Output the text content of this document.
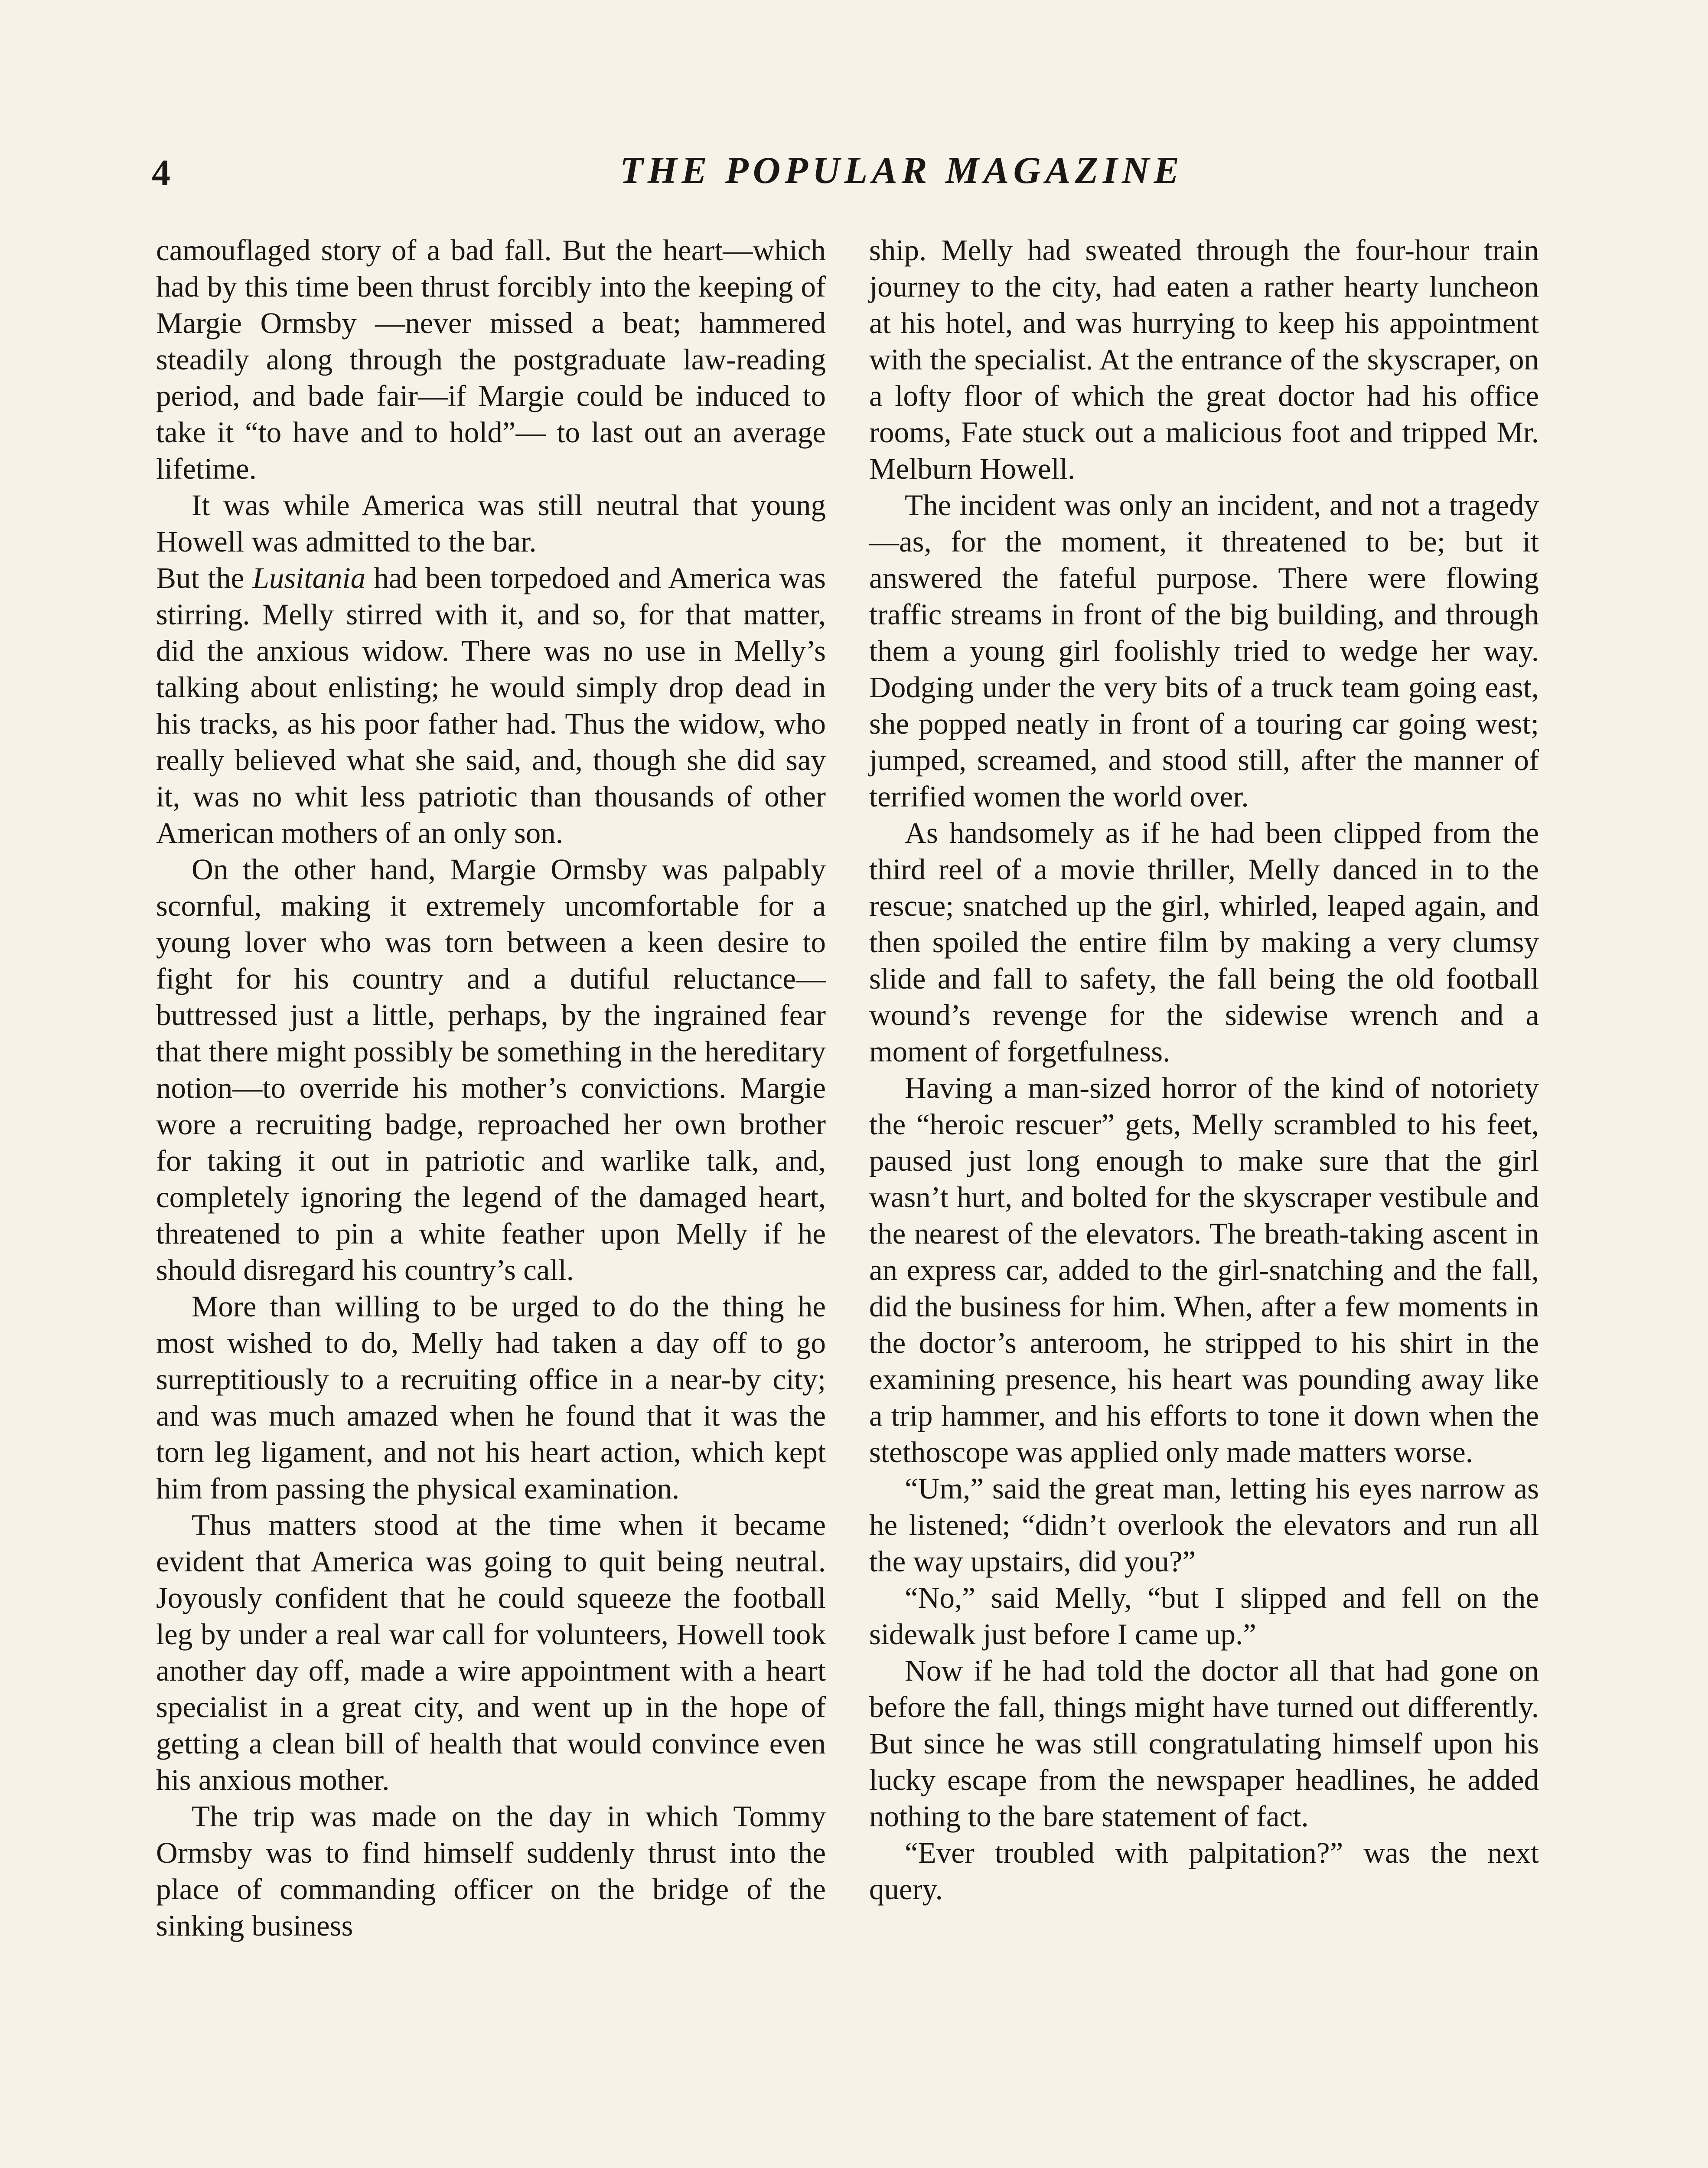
4	THE POPULAR MAGAZINE

camouflaged story of a bad fall. But the heart—which had by this time been thrust forcibly into the keeping of Margie Ormsby —never missed a beat; hammered steadily along through the postgraduate law-reading period, and bade fair—if Margie could be induced to take it “to have and to hold”— to last out an average lifetime.

It was while America was still neutral that young Howell was admitted to the bar.

But the Lusitania had been torpedoed and America was stirring. Melly stirred with it, and so, for that matter, did the anxious widow. There was no use in Melly’s talking about enlisting; he would simply drop dead in his tracks, as his poor father had. Thus the widow, who really believed what she said, and, though she did say it, was no whit less patriotic than thousands of other American mothers of an only son.

On the other hand, Margie Ormsby was palpably scornful, making it extremely uncomfortable for a young lover who was torn between a keen desire to fight for his country and a dutiful reluctance—buttressed just a little, perhaps, by the ingrained fear that there might possibly be something in the hereditary notion—to override his mother’s convictions. Margie wore a recruiting badge, reproached her own brother for taking it out in patriotic and warlike talk, and, completely ignoring the legend of the damaged heart, threatened to pin a white feather upon Melly if he should disregard his country’s call.

More than willing to be urged to do the thing he most wished to do, Melly had taken a day off to go surreptitiously to a recruiting office in a near-by city; and was much amazed when he found that it was the torn leg ligament, and not his heart action, which kept him from passing the physical examination.

Thus matters stood at the time when it became evident that America was going to quit being neutral. Joyously confident that he could squeeze the football leg by under a real war call for volunteers, Howell took another day off, made a wire appointment with a heart specialist in a great city, and went up in the hope of getting a clean bill of health that would convince even his anxious mother.

The trip was made on the day in which Tommy Ormsby was to find himself suddenly thrust into the place of commanding officer on the bridge of the sinking business

ship. Melly had sweated through the four-hour train journey to the city, had eaten a rather hearty luncheon at his hotel, and was hurrying to keep his appointment with the specialist. At the entrance of the skyscraper, on a lofty floor of which the great doctor had his office rooms, Fate stuck out a malicious foot and tripped Mr. Melburn Howell.

The incident was only an incident, and not a tragedy—as, for the moment, it threatened to be; but it answered the fateful purpose. There were flowing traffic streams in front of the big building, and through them a young girl foolishly tried to wedge her way. Dodging under the very bits of a truck team going east, she popped neatly in front of a touring car going west; jumped, screamed, and stood still, after the manner of terrified women the world over.

As handsomely as if he had been clipped from the third reel of a movie thriller, Melly danced in to the rescue; snatched up the girl, whirled, leaped again, and then spoiled the entire film by making a very clumsy slide and fall to safety, the fall being the old football wound’s revenge for the sidewise wrench and a moment of forgetfulness.

Having a man-sized horror of the kind of notoriety the “heroic rescuer” gets, Melly scrambled to his feet, paused just long enough to make sure that the girl wasn’t hurt, and bolted for the skyscraper vestibule and the nearest of the elevators. The breath-taking ascent in an express car, added to the girl-snatching and the fall, did the business for him. When, after a few moments in the doctor’s anteroom, he stripped to his shirt in the examining presence, his heart was pounding away like a trip hammer, and his efforts to tone it down when the stethoscope was applied only made matters worse.

“Um,” said the great man, letting his eyes narrow as he listened; “didn’t overlook the elevators and run all the way upstairs, did you?”

“No,” said Melly, “but I slipped and fell on the sidewalk just before I came up.”

Now if he had told the doctor all that had gone on before the fall, things might have turned out differently. But since he was still congratulating himself upon his lucky escape from the newspaper headlines, he added nothing to the bare statement of fact.

“Ever troubled with palpitation?” was the next query.
